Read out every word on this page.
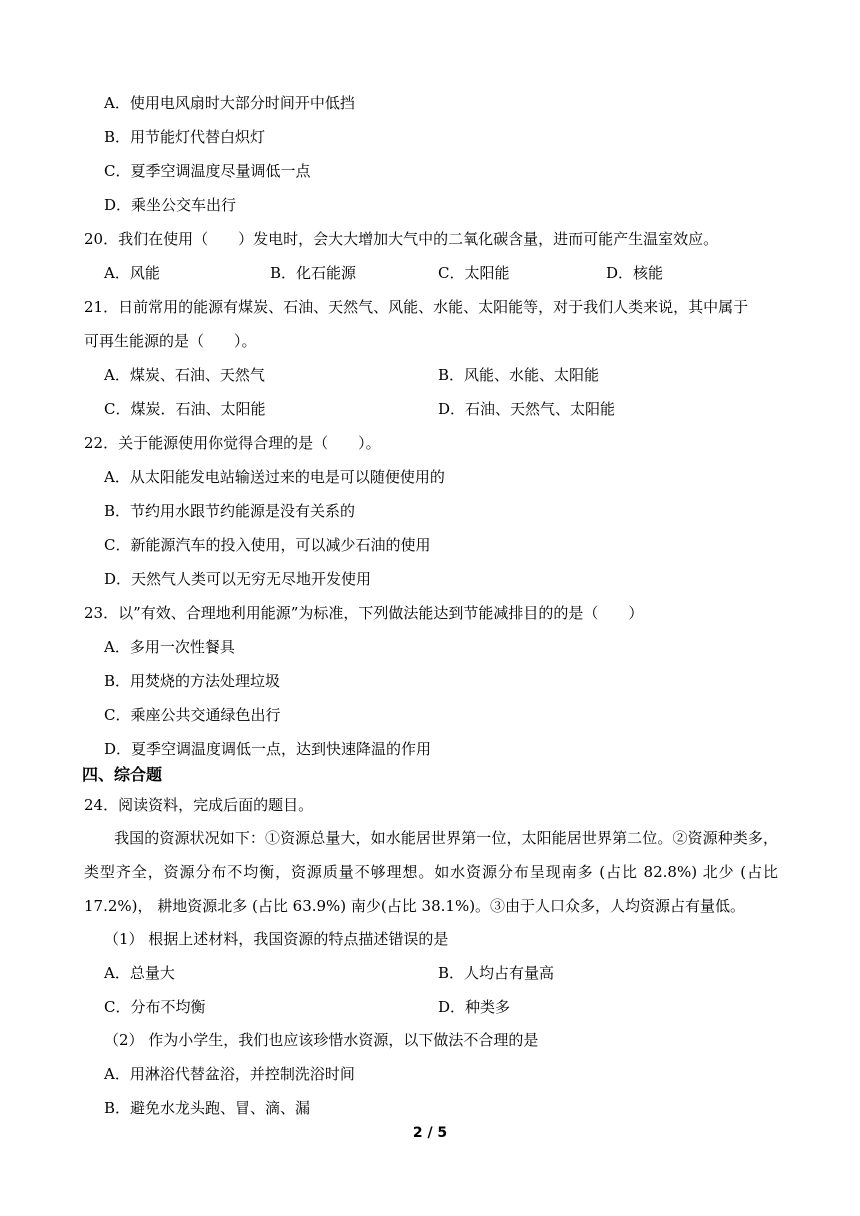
A．使用电风扇时大部分时间开中低挡
B．用节能灯代替白炽灯
C．夏季空调温度尽量调低一点
D．乘坐公交车出行
20．我们在使用（　　）发电时，会大大增加大气中的二氧化碳含量，进而可能产生温室效应。
A．风能	B．化石能源	C．太阳能	D．核能
21．日前常用的能源有煤炭、石油、天然气、风能、水能、太阳能等，对于我们人类来说，其中属于
可再生能源的是（　　）。
A．煤炭、石油、天然气	B．风能、水能、太阳能
C．煤炭．石油、太阳能	D．石油、天然气、太阳能
22．关于能源使用你觉得合理的是（　　）。
A．从太阳能发电站输送过来的电是可以随便使用的
B．节约用水跟节约能源是没有关系的
C．新能源汽车的投入使用，可以减少石油的使用
D．天然气人类可以无穷无尽地开发使用
23．以”有效、合理地利用能源”为标准，下列做法能达到节能减排目的的是（　　）
A．多用一次性餐具
B．用焚烧的方法处理垃圾
C．乘座公共交通绿色出行
D．夏季空调温度调低一点，达到快速降温的作用
四、综合题
24．阅读资料，完成后面的题目。
我国的资源状况如下：①资源总量大，如水能居世界第一位，太阳能居世界第二位。②资源种类多，类型齐全，资源分布不均衡，资源质量不够理想。如水资源分布呈现南多 (占比 82.8%) 北少 (占比 17.2%)， 耕地资源北多 (占比 63.9%) 南少(占比 38.1%)。③由于人口众多，人均资源占有量低。
（1） 根据上述材料，我国资源的特点描述错误的是
A．总量大	B．人均占有量高
C．分布不均衡	D．种类多
（2） 作为小学生，我们也应该珍惜水资源，以下做法不合理的是
A．用淋浴代替盆浴，并控制洗浴时间
B．避免水龙头跑、冒、滴、漏
2 / 5
